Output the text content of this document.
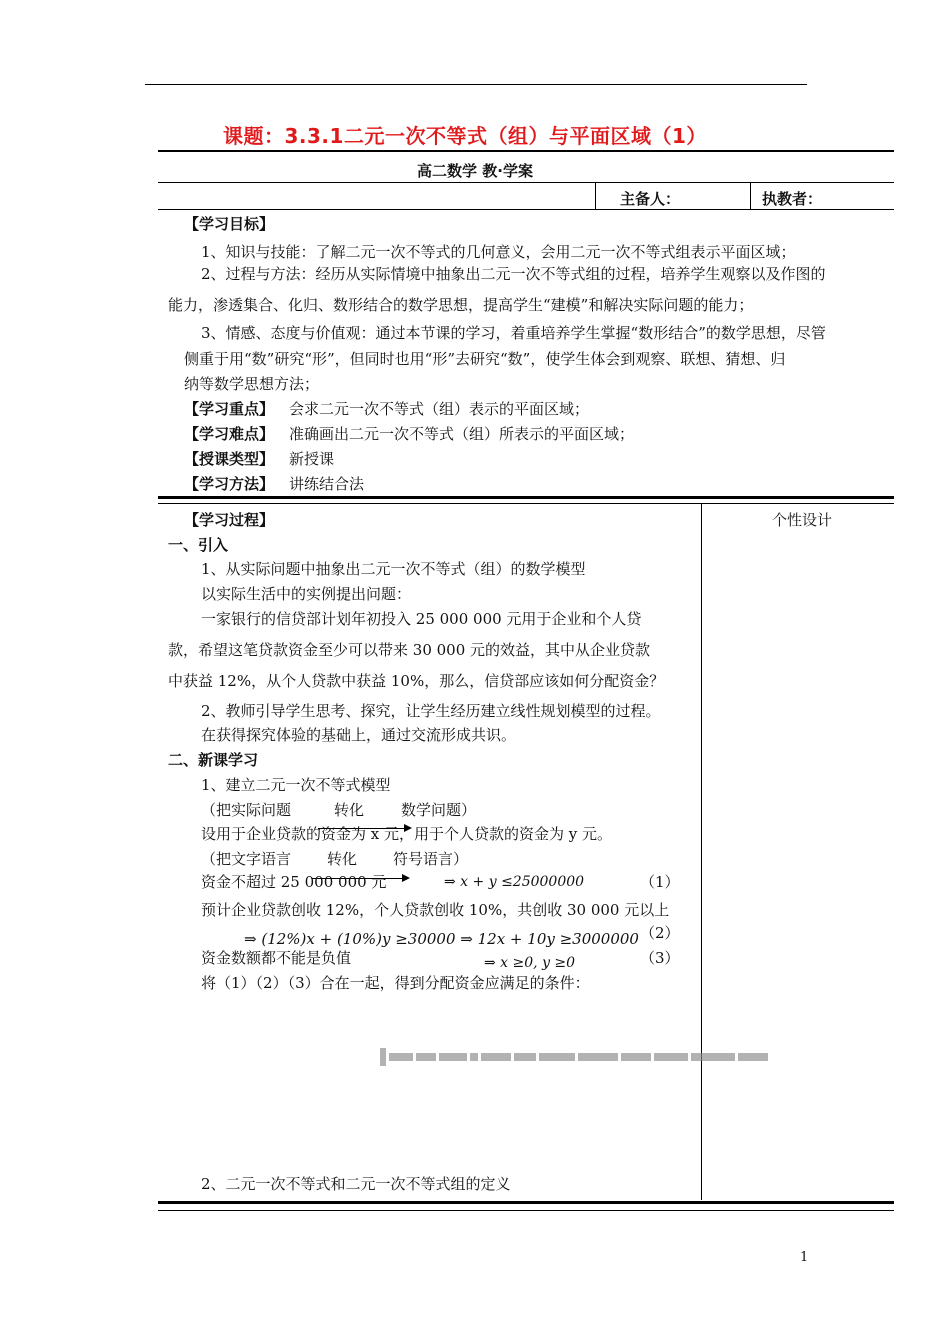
课题：3.3.1二元一次不等式（组）与平面区域（1）
高二数学 教·学案
主备人：	执教者：
【学习目标】
1、知识与技能：了解二元一次不等式的几何意义，会用二元一次不等式组表示平面区域；
2、过程与方法：经历从实际情境中抽象出二元一次不等式组的过程，培养学生观察以及作图的
能力，渗透集合、化归、数形结合的数学思想，提高学生“建模”和解决实际问题的能力；
3、情感、态度与价值观：通过本节课的学习，着重培养学生掌握“数形结合”的数学思想，尽管
侧重于用“数”研究“形”，但同时也用“形”去研究“数”，使学生体会到观察、联想、猜想、归
纳等数学思想方法；
【学习重点】 会求二元一次不等式（组）表示的平面区域；
【学习难点】 准确画出二元一次不等式（组）所表示的平面区域；
【授课类型】 新授课
【学习方法】 讲练结合法
【学习过程】	个性设计
一、引入
1、从实际问题中抽象出二元一次不等式（组）的数学模型
以实际生活中的实例提出问题：
一家银行的信贷部计划年初投入 25 000 000 元用于企业和个人贷
款，希望这笔贷款资金至少可以带来 30 000 元的效益，其中从企业贷款
中获益 12%，从个人贷款中获益 10%，那么，信贷部应该如何分配资金？
2、教师引导学生思考、探究，让学生经历建立线性规划模型的过程。
在获得探究体验的基础上，通过交流形成共识。
二、新课学习
1、建立二元一次不等式模型
（把实际问题	转化 数学问题）
设用于企业贷款的资金为 x 元，用于个人贷款的资金为 y 元。
（把文字语言 转化 符号语言）
资金不超过 25 000 000 元	⇒ x + y ≤25000000	（1）
预计企业贷款创收 12%，个人贷款创收 10%，共创收 30 000 元以上
⇒ (12%)x + (10%)y ≥30000 ⇒ 12x + 10y ≥3000000 （2）
资金数额都不能是负值	⇒ x ≥0, y ≥0	（3）
将（1）（2）（3）合在一起，得到分配资金应满足的条件：
2、二元一次不等式和二元一次不等式组的定义
1
